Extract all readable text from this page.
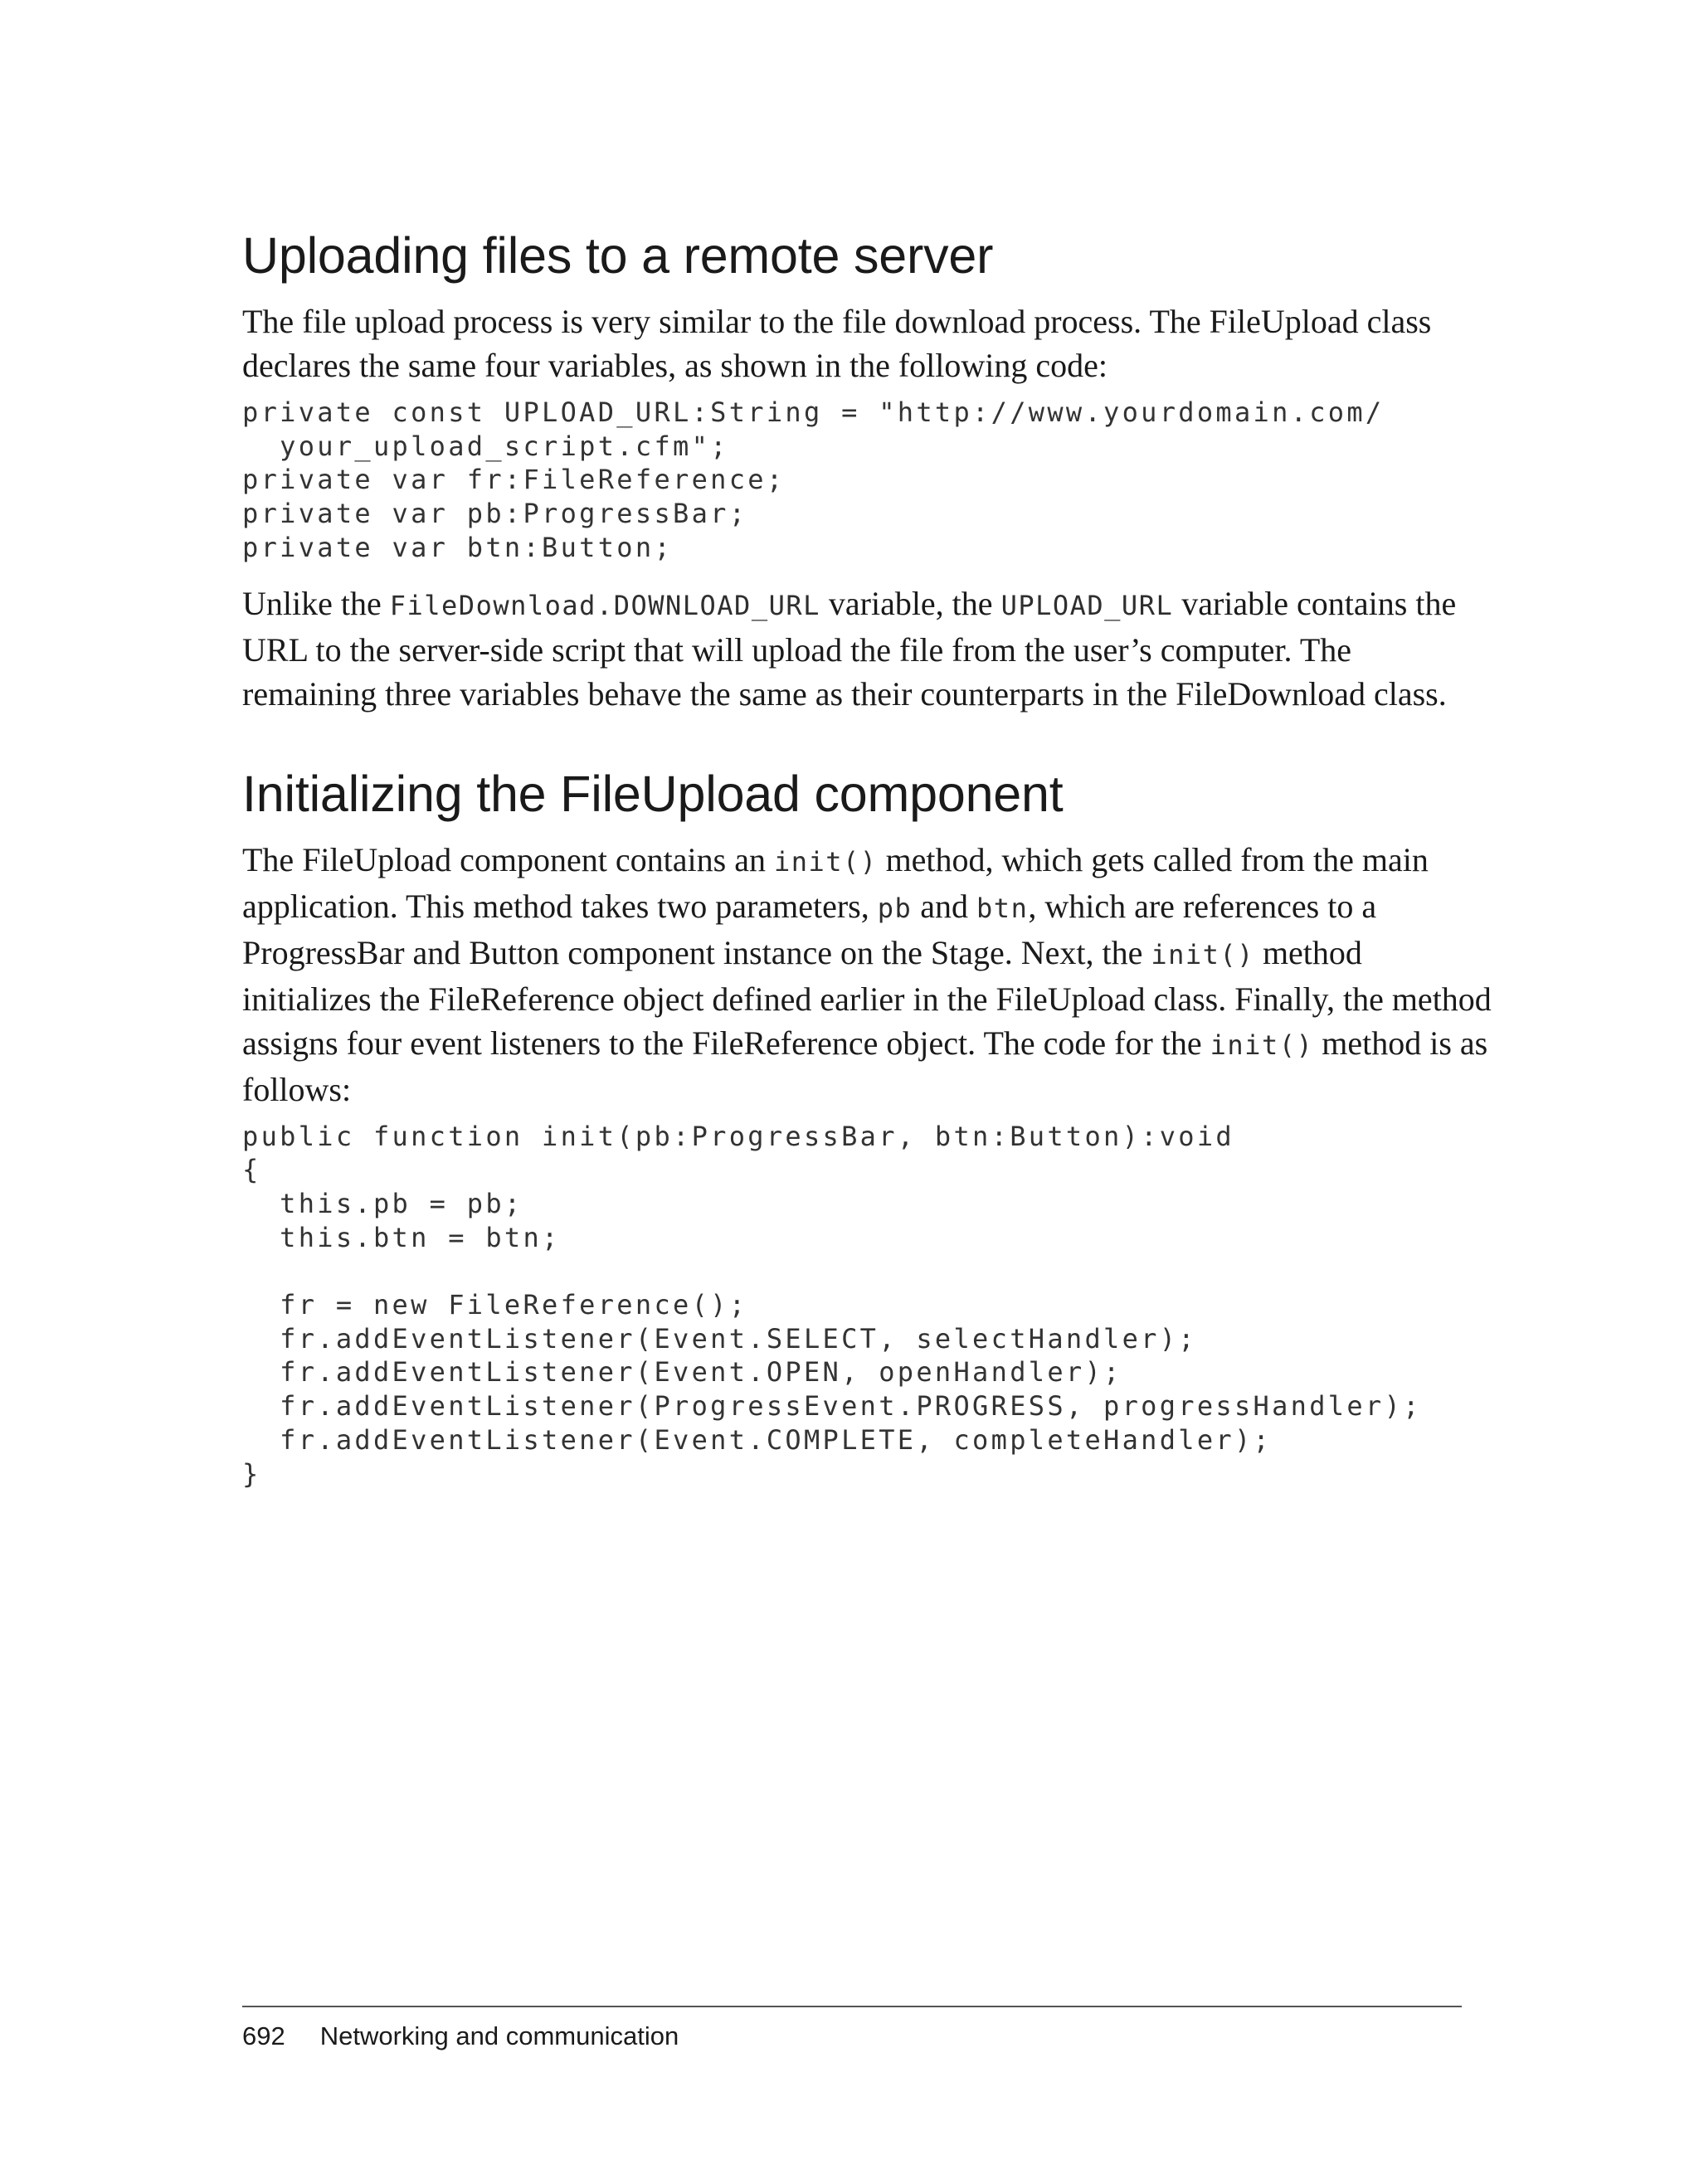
Uploading files to a remote server

The file upload process is very similar to the file download process. The FileUpload class

declares the same four variables, as shown in the following code:

private const UPLOAD_URL:String = "http://www.yourdomain.com/
your_upload_script.cfm";
private var fr:FileReference;
private var pb:ProgressBar;
private var btn:Button;

Unlike the FileDownload.DOWNLOAD_URL variable, the UPLOAD_URL variable contains the

URL to the server-side script that will upload the file from the user’s computer. The

remaining three variables behave the same as their counterparts in the FileDownload class.

Initializing the FileUpload component

The FileUpload component contains an init() method, which gets called from the main

application. This method takes two parameters, pb and btn, which are references to a

ProgressBar and Button component instance on the Stage. Next, the init() method

initializes the FileReference object defined earlier in the FileUpload class. Finally, the method

assigns four event listeners to the FileReference object. The code for the init() method is as

follows:

public function init(pb:ProgressBar, btn:Button):void
{
this.pb = pb;
this.btn = btn;

fr = new FileReference();
fr.addEventListener(Event.SELECT, selectHandler);
fr.addEventListener(Event.OPEN, openHandler);
fr.addEventListener(ProgressEvent.PROGRESS, progressHandler);
fr.addEventListener(Event.COMPLETE, completeHandler);
}
692 Networking and communication
